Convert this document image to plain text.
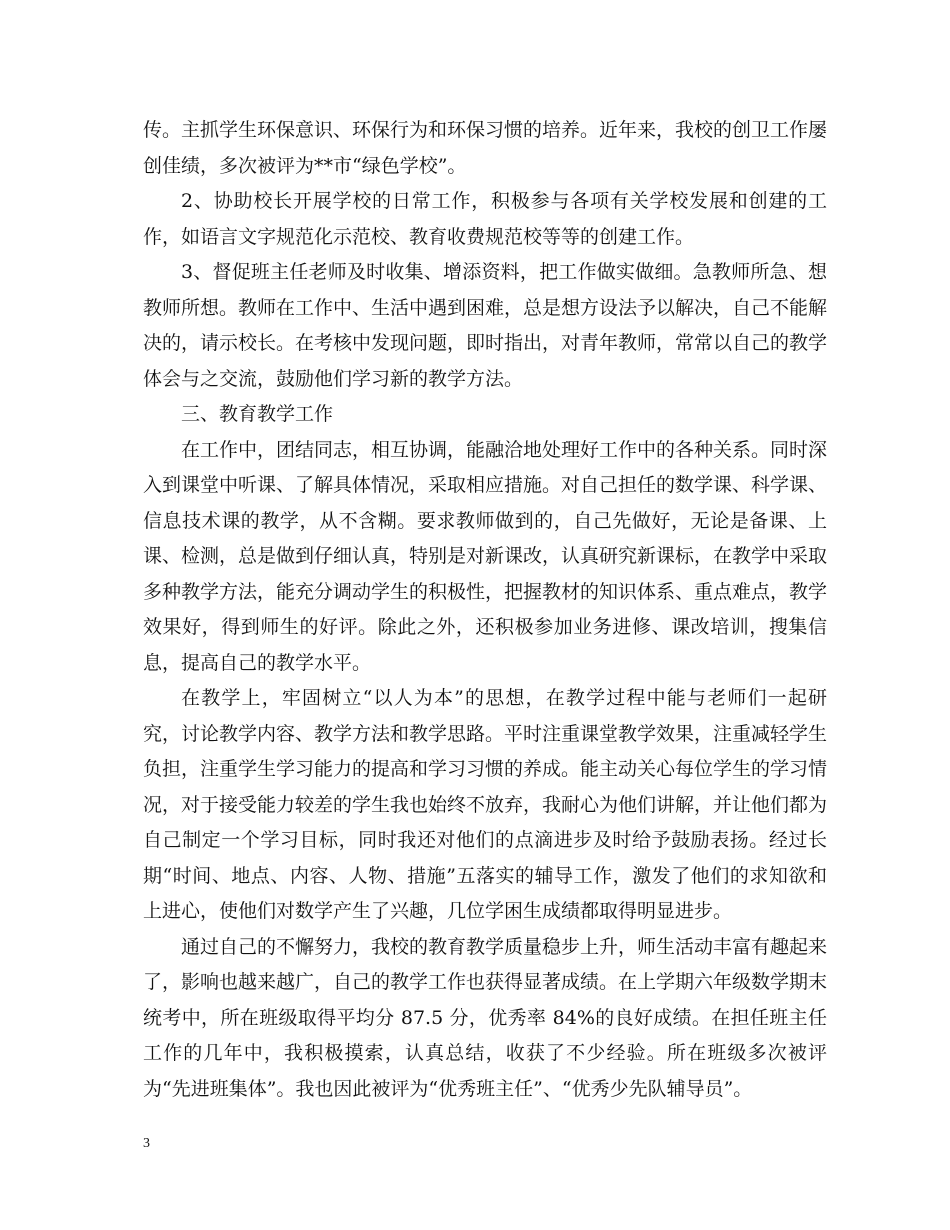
传。主抓学生环保意识、环保行为和环保习惯的培养。近年来，我校的创卫工作屡创佳绩，多次被评为**市“绿色学校”。

2、协助校长开展学校的日常工作，积极参与各项有关学校发展和创建的工作，如语言文字规范化示范校、教育收费规范校等等的创建工作。

3、督促班主任老师及时收集、增添资料，把工作做实做细。急教师所急、想教师所想。教师在工作中、生活中遇到困难，总是想方设法予以解决，自己不能解决的，请示校长。在考核中发现问题，即时指出，对青年教师，常常以自己的教学体会与之交流，鼓励他们学习新的教学方法。

三、教育教学工作

在工作中，团结同志，相互协调，能融洽地处理好工作中的各种关系。同时深入到课堂中听课、了解具体情况，采取相应措施。对自己担任的数学课、科学课、信息技术课的教学，从不含糊。要求教师做到的，自己先做好，无论是备课、上课、检测，总是做到仔细认真，特别是对新课改，认真研究新课标，在教学中采取多种教学方法，能充分调动学生的积极性，把握教材的知识体系、重点难点，教学效果好，得到师生的好评。除此之外，还积极参加业务进修、课改培训，搜集信息，提高自己的教学水平。

在教学上，牢固树立“以人为本”的思想，在教学过程中能与老师们一起研究，讨论教学内容、教学方法和教学思路。平时注重课堂教学效果，注重减轻学生负担，注重学生学习能力的提高和学习习惯的养成。能主动关心每位学生的学习情况，对于接受能力较差的学生我也始终不放弃，我耐心为他们讲解，并让他们都为自己制定一个学习目标，同时我还对他们的点滴进步及时给予鼓励表扬。经过长期“时间、地点、内容、人物、措施”五落实的辅导工作，激发了他们的求知欲和上进心，使他们对数学产生了兴趣，几位学困生成绩都取得明显进步。

通过自己的不懈努力，我校的教育教学质量稳步上升，师生活动丰富有趣起来了，影响也越来越广，自己的教学工作也获得显著成绩。在上学期六年级数学期末统考中，所在班级取得平均分 87.5 分，优秀率 84%的良好成绩。在担任班主任工作的几年中，我积极摸索，认真总结，收获了不少经验。所在班级多次被评为“先进班集体”。我也因此被评为“优秀班主任”、“优秀少先队辅导员”。

3
